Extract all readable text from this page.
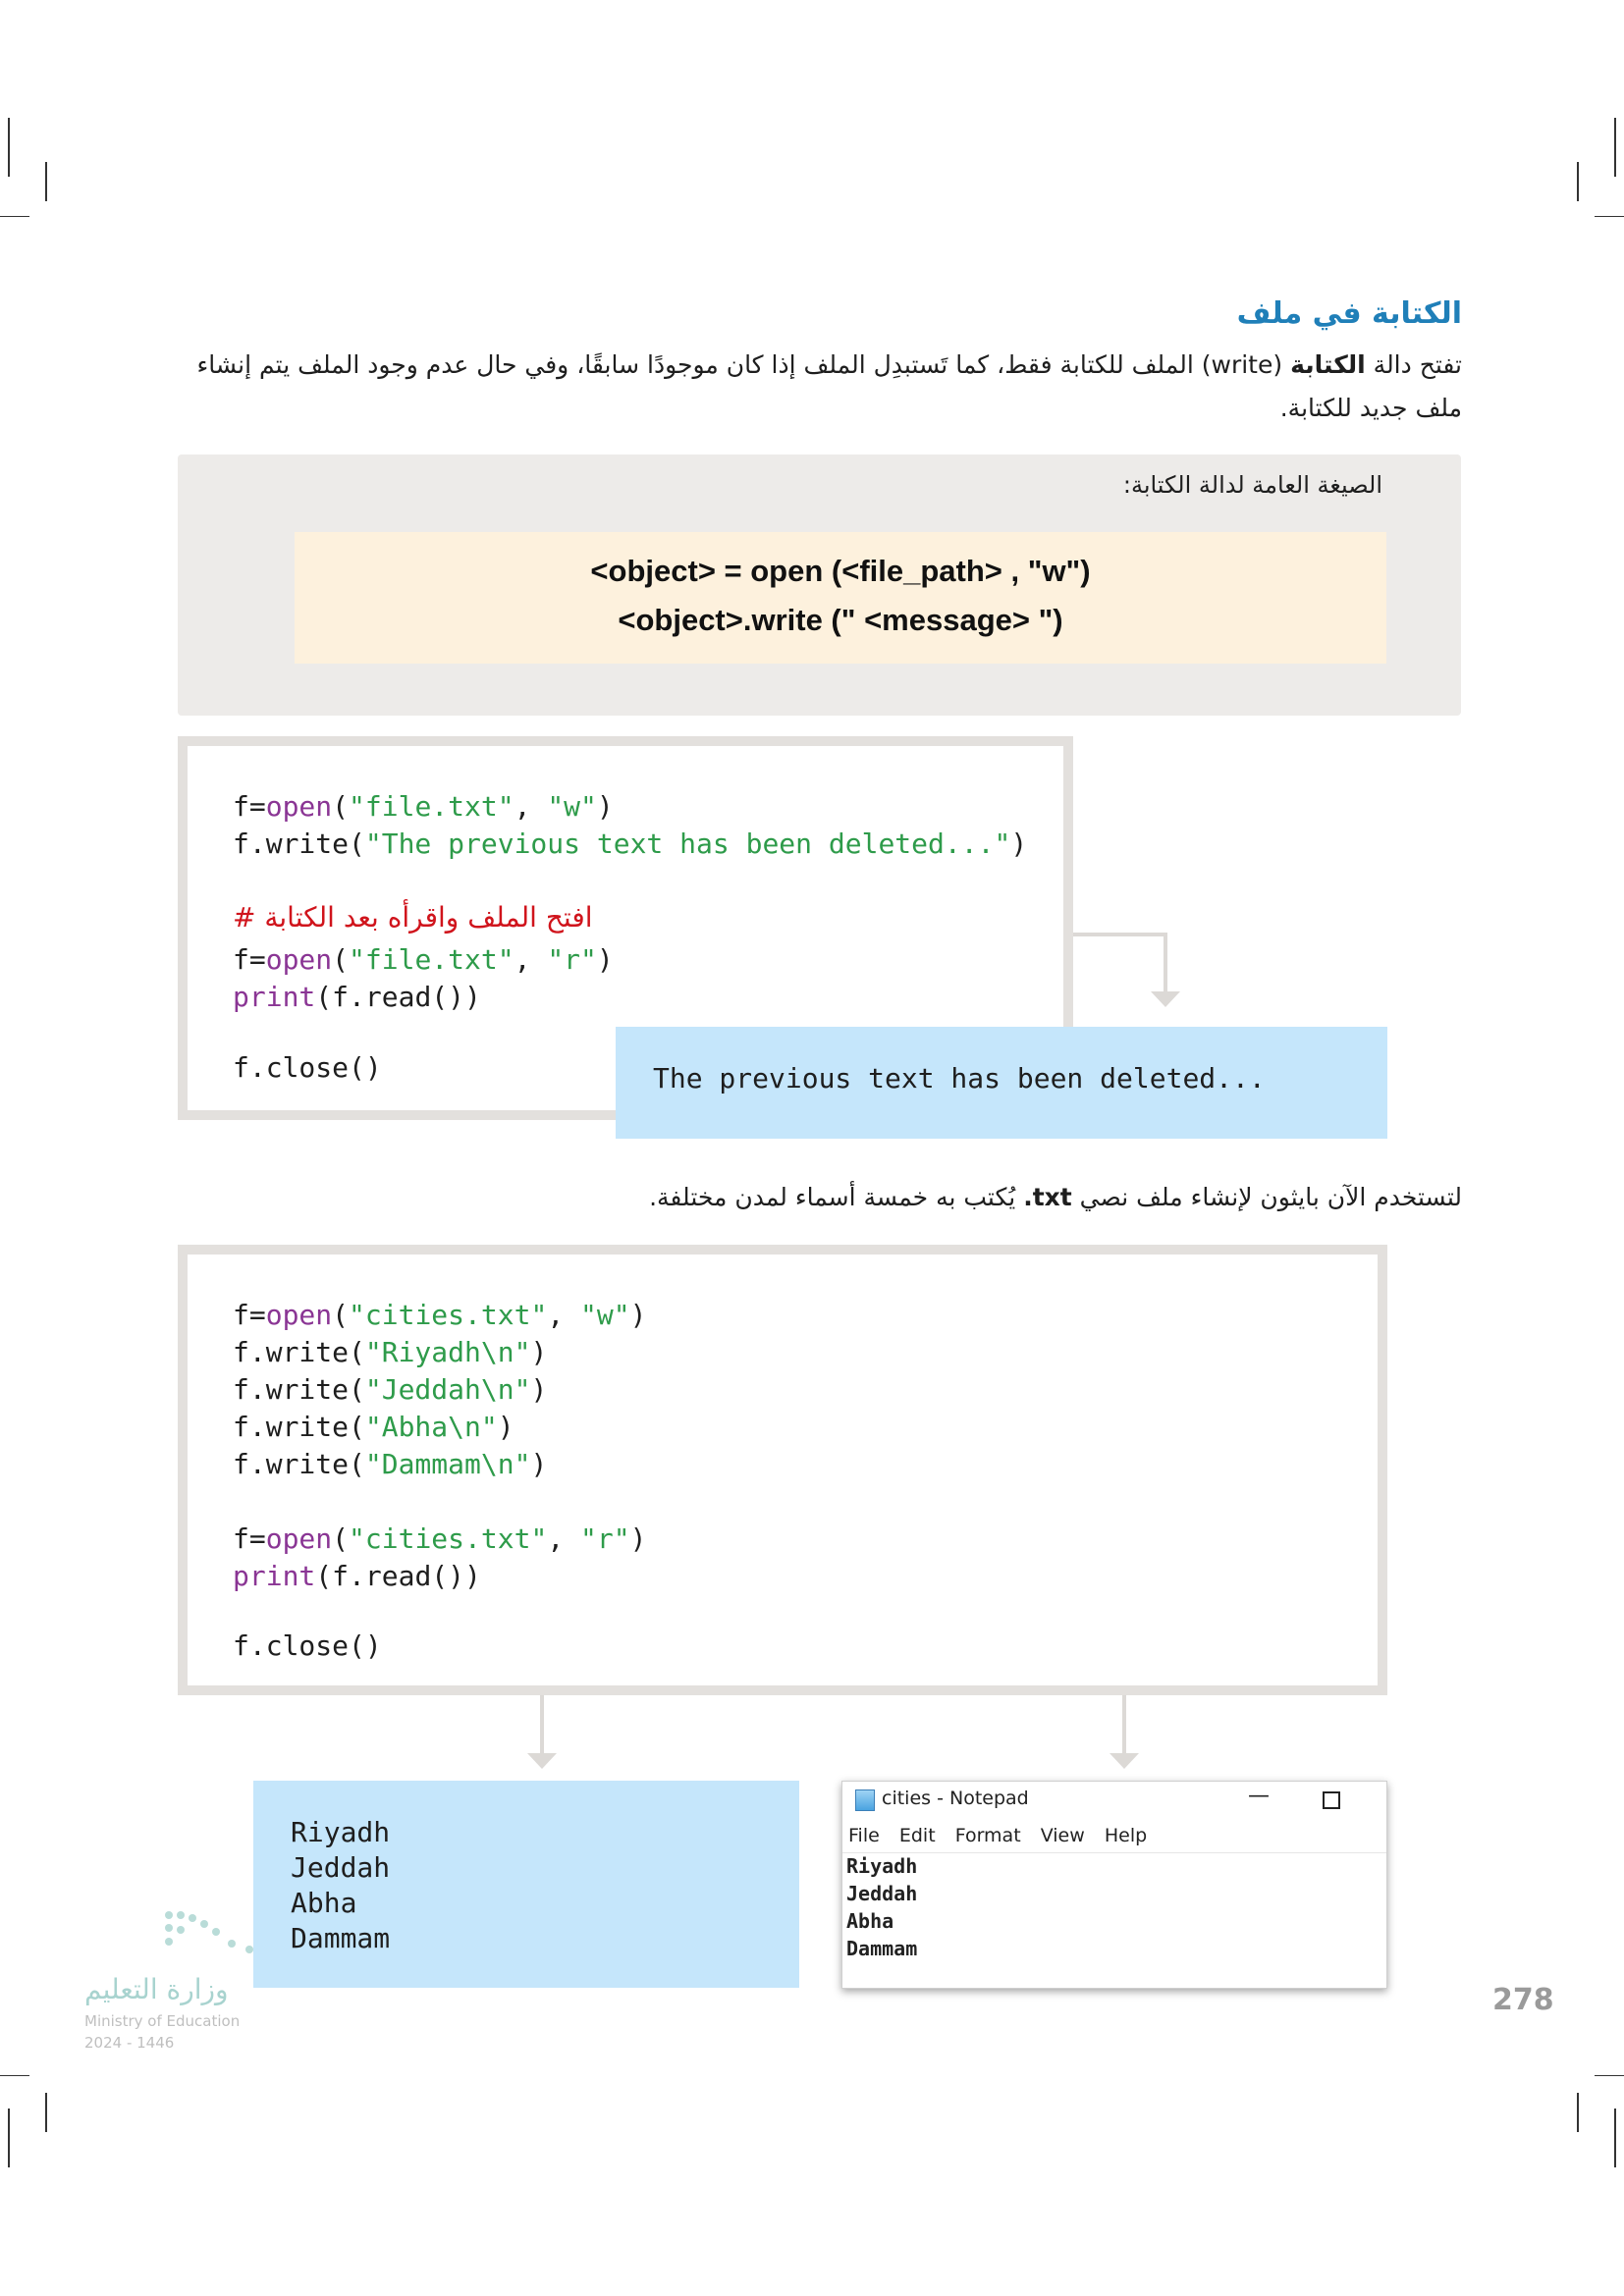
الكتابة في ملف
تفتح دالة الكتابة (write) الملف للكتابة فقط، كما تَستبدِل الملف إذا كان موجودًا سابقًا، وفي حال عدم وجود الملف يتم إنشاء ملف جديد للكتابة.
الصيغة العامة لدالة الكتابة:
<object> = open (<file_path> , "w")
<object>.write (" <message> ")
f=open("file.txt", "w")
f.write("The previous text has been deleted...")
افتح الملف واقرأه بعد الكتابة #
f=open("file.txt", "r")
print(f.read())
f.close()	The previous text has been deleted...
لتستخدم الآن بايثون لإنشاء ملف نصي txt. يُكتب به خمسة أسماء لمدن مختلفة.
f=open("cities.txt", "w")
f.write("Riyadh\n")
f.write("Jeddah\n")
f.write("Abha\n")
f.write("Dammam\n")
f=open("cities.txt", "r")
print(f.read())
f.close()
Riyadh
Jeddah
Abha
Dammam
cities - Notepad	—
File Edit Format View Help
Riyadh
Jeddah
Abha
Dammam
وزارة التعليم
Ministry of Education
2024 - 1446
278
